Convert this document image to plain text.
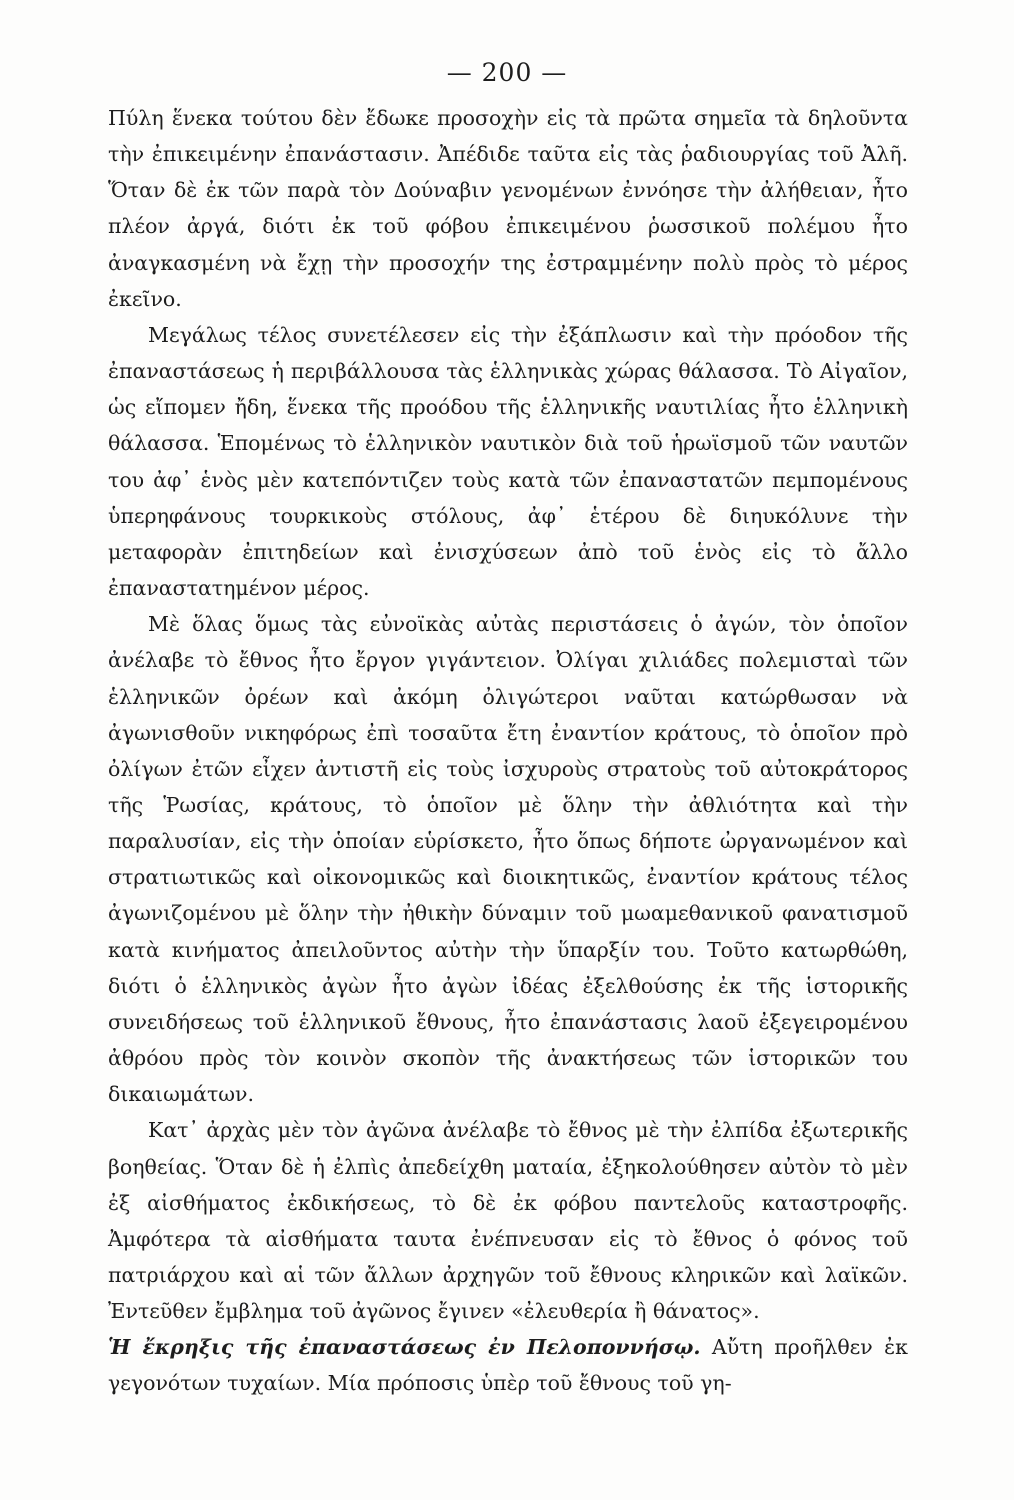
— 200 —

Πύλη ἕνεκα τούτου δὲν ἔδωκε προσοχὴν εἰς τὰ πρῶτα σημεῖα τὰ δηλοῦντα τὴν ἐπικειμένην ἐπανάστασιν. Ἀπέδιδε ταῦτα εἰς τὰς ῥαδιουργίας τοῦ Ἀλῆ. Ὅταν δὲ ἐκ τῶν παρὰ τὸν Δούναβιν γενομένων ἐννόησε τὴν ἀλήθειαν, ἦτο πλέον ἀργά, διότι ἐκ τοῦ φόβου ἐπικειμένου ῥωσσικοῦ πολέμου ἦτο ἀναγκασμένη νὰ ἔχῃ τὴν προσοχήν της ἐστραμμένην πολὺ πρὸς τὸ μέρος ἐκεῖνο.

Μεγάλως τέλος συνετέλεσεν εἰς τὴν ἐξάπλωσιν καὶ τὴν πρόοδον τῆς ἐπαναστάσεως ἡ περιβάλλουσα τὰς ἑλληνικὰς χώρας θάλασσα. Τὸ Αἰγαῖον, ὡς εἴπομεν ἤδη, ἕνεκα τῆς προόδου τῆς ἑλληνικῆς ναυτιλίας ἦτο ἑλληνικὴ θάλασσα. Ἑπομένως τὸ ἑλληνικὸν ναυτικὸν διὰ τοῦ ἡρωϊσμοῦ τῶν ναυτῶν του ἀφ᾽ ἑνὸς μὲν κατεπόντιζεν τοὺς κατὰ τῶν ἐπαναστατῶν πεμπομένους ὑπερηφάνους τουρκικοὺς στόλους, ἀφ᾽ ἑτέρου δὲ διηυκόλυνε τὴν μεταφορὰν ἐπιτηδείων καὶ ἐνισχύσεων ἀπὸ τοῦ ἑνὸς εἰς τὸ ἄλλο ἐπαναστατημένον μέρος.

Μὲ ὅλας ὅμως τὰς εὐνοϊκὰς αὐτὰς περιστάσεις ὁ ἀγών, τὸν ὁποῖον ἀνέλαβε τὸ ἔθνος ἦτο ἔργον γιγάντειον. Ὀλίγαι χιλιάδες πολεμισταὶ τῶν ἑλληνικῶν ὀρέων καὶ ἀκόμη ὀλιγώτεροι ναῦται κατώρθωσαν νὰ ἀγωνισθοῦν νικηφόρως ἐπὶ τοσαῦτα ἔτη ἐναντίον κράτους, τὸ ὁποῖον πρὸ ὀλίγων ἐτῶν εἶχεν ἀντιστῆ εἰς τοὺς ἰσχυροὺς στρατοὺς τοῦ αὐτοκράτορος τῆς Ῥωσίας, κράτους, τὸ ὁποῖον μὲ ὅλην τὴν ἀθλιότητα καὶ τὴν παραλυσίαν, εἰς τὴν ὁποίαν εὑρίσκετο, ἦτο ὅπως δήποτε ὠργανωμένον καὶ στρατιωτικῶς καὶ οἰκονομικῶς καὶ διοικητικῶς, ἐναντίον κράτους τέλος ἀγωνιζομένου μὲ ὅλην τὴν ἠθικὴν δύναμιν τοῦ μωαμεθανικοῦ φανατισμοῦ κατὰ κινήματος ἀπειλοῦντος αὐτὴν τὴν ὕπαρξίν του. Τοῦτο κατωρθώθη, διότι ὁ ἑλληνικὸς ἀγὼν ἦτο ἀγὼν ἰδέας ἐξελθούσης ἐκ τῆς ἱστορικῆς συνειδήσεως τοῦ ἑλληνικοῦ ἔθνους, ἦτο ἐπανάστασις λαοῦ ἐξεγειρομένου ἀθρόου πρὸς τὸν κοινὸν σκοπὸν τῆς ἀνακτήσεως τῶν ἱστορικῶν του δικαιωμάτων.

Κατ᾽ ἀρχὰς μὲν τὸν ἀγῶνα ἀνέλαβε τὸ ἔθνος μὲ τὴν ἐλπίδα ἐξωτερικῆς βοηθείας. Ὅταν δὲ ἡ ἐλπὶς ἀπεδείχθη ματαία, ἐξηκολούθησεν αὐτὸν τὸ μὲν ἐξ αἰσθήματος ἐκδικήσεως, τὸ δὲ ἐκ φόβου παντελοῦς καταστροφῆς. Ἀμφότερα τὰ αἰσθήματα ταυτα ἐνέπνευσαν εἰς τὸ ἔθνος ὁ φόνος τοῦ πατριάρχου καὶ αἱ τῶν ἄλλων ἀρχηγῶν τοῦ ἔθνους κληρικῶν καὶ λαϊκῶν. Ἐντεῦθεν ἔμβλημα τοῦ ἀγῶνος ἔγινεν «ἐλευθερία ἢ θάνατος».

Ἡ ἔκρηξις τῆς ἐπαναστάσεως ἐν Πελοποννήσῳ. Αὔτη προῆλθεν ἐκ γεγονότων τυχαίων. Μία πρόποσις ὑπὲρ τοῦ ἔθνους τοῦ γη-
